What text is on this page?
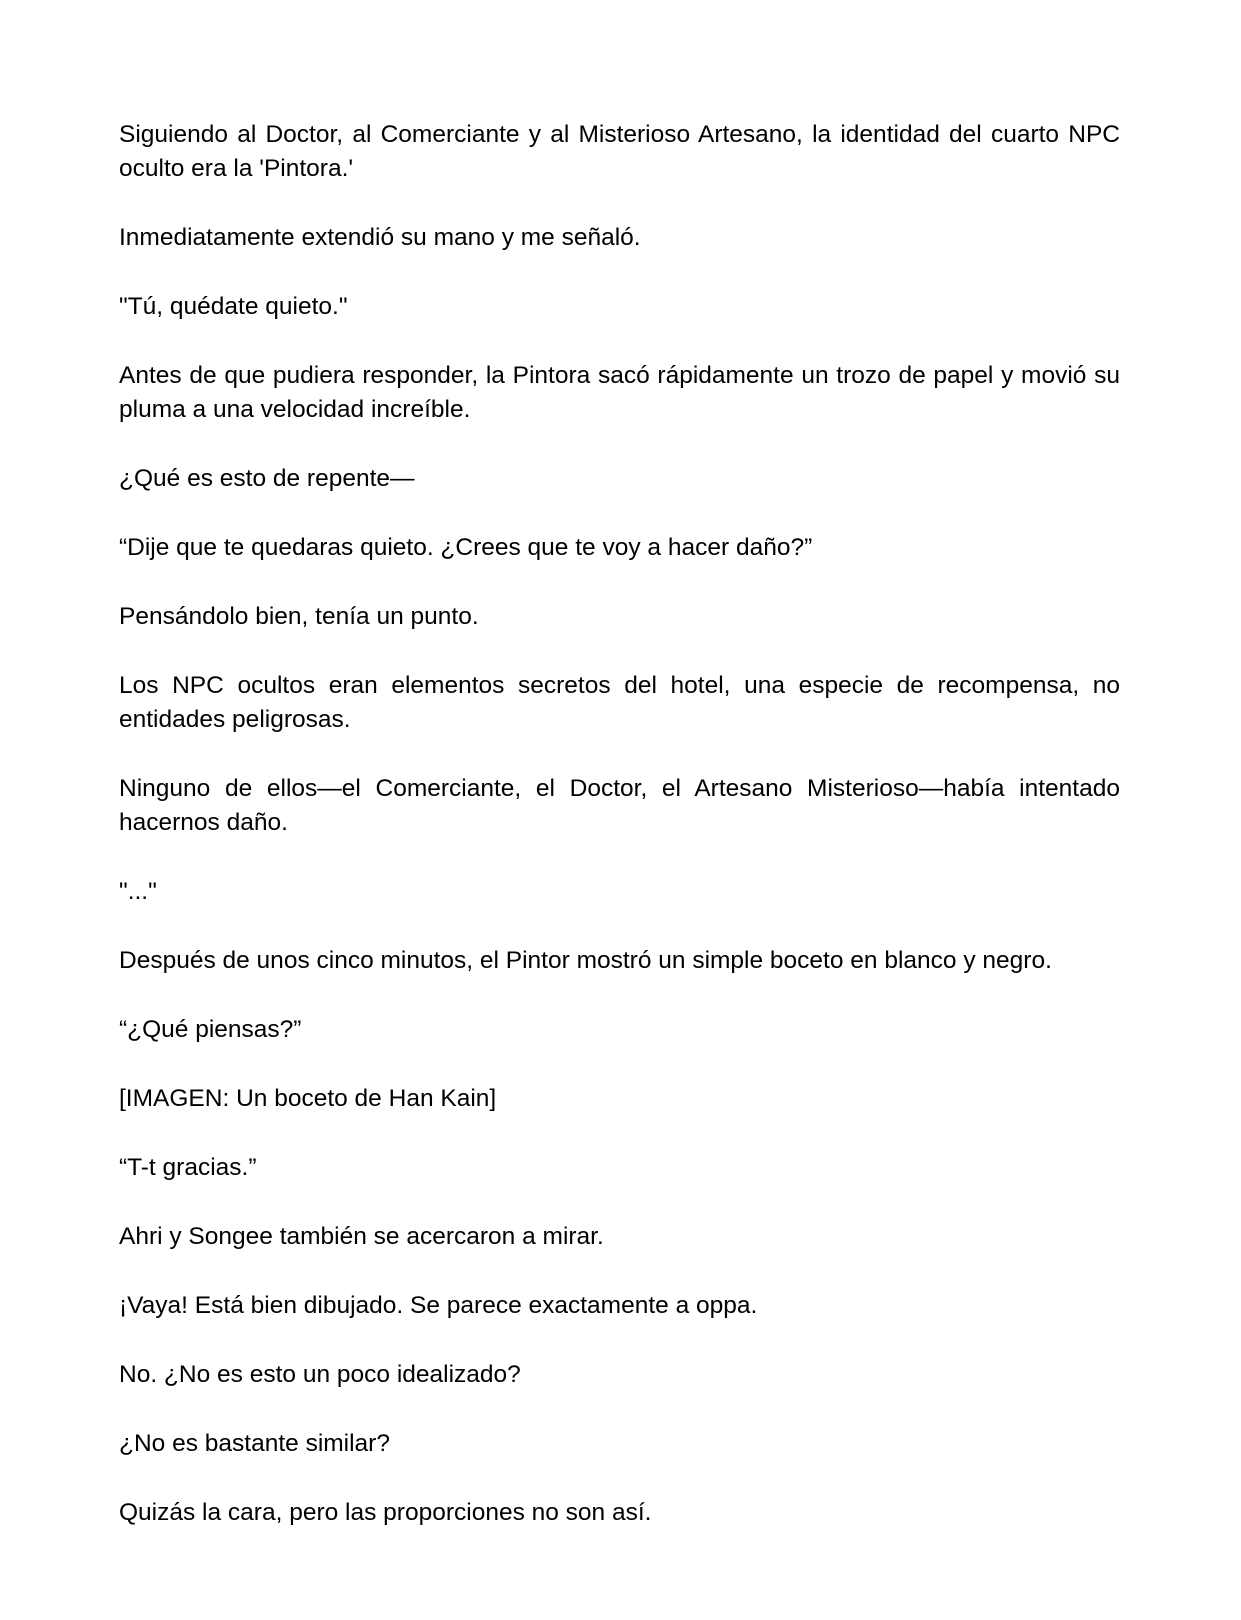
Siguiendo al Doctor, al Comerciante y al Misterioso Artesano, la identidad del cuarto NPC oculto era la 'Pintora.'

Inmediatamente extendió su mano y me señaló.

"Tú, quédate quieto."

Antes de que pudiera responder, la Pintora sacó rápidamente un trozo de papel y movió su pluma a una velocidad increíble.

¿Qué es esto de repente—

“Dije que te quedaras quieto. ¿Crees que te voy a hacer daño?”

Pensándolo bien, tenía un punto.

Los NPC ocultos eran elementos secretos del hotel, una especie de recompensa, no entidades peligrosas.

Ninguno de ellos—el Comerciante, el Doctor, el Artesano Misterioso—había intentado hacernos daño.

"..."

Después de unos cinco minutos, el Pintor mostró un simple boceto en blanco y negro.

“¿Qué piensas?”

[IMAGEN: Un boceto de Han Kain]

“T-t gracias.”

Ahri y Songee también se acercaron a mirar.

¡Vaya! Está bien dibujado. Se parece exactamente a oppa.

No. ¿No es esto un poco idealizado?

¿No es bastante similar?

Quizás la cara, pero las proporciones no son así.
